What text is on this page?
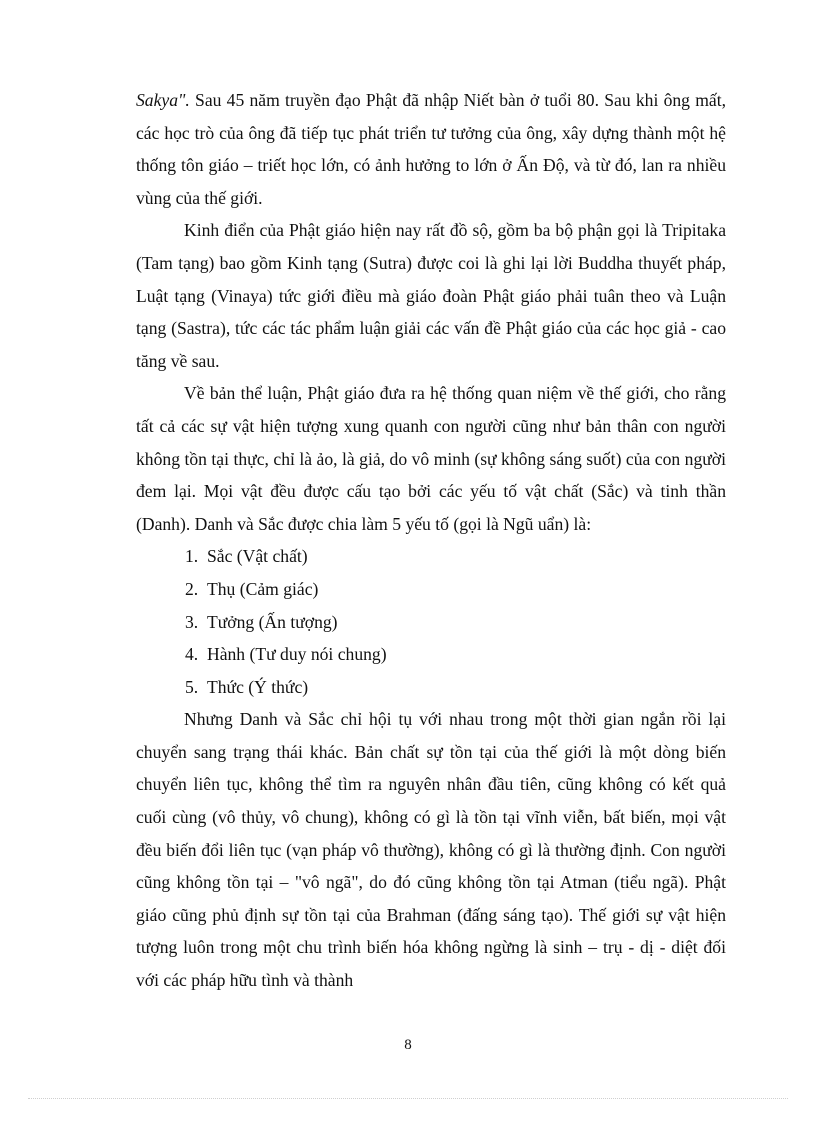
Sakya". Sau 45 năm truyền đạo Phật đã nhập Niết bàn ở tuổi 80. Sau khi ông mất, các học trò của ông đã tiếp tục phát triển tư tưởng của ông, xây dựng thành một hệ thống tôn giáo – triết học lớn, có ảnh hưởng to lớn ở Ấn Độ, và từ đó, lan ra nhiều vùng của thế giới.

Kinh điển của Phật giáo hiện nay rất đồ sộ, gồm ba bộ phận gọi là Tripitaka (Tam tạng) bao gồm Kinh tạng (Sutra) được coi là ghi lại lời Buddha thuyết pháp, Luật tạng (Vinaya) tức giới điều mà giáo đoàn Phật giáo phải tuân theo và Luận tạng (Sastra), tức các tác phẩm luận giải các vấn đề Phật giáo của các học giả - cao tăng về sau.

Về bản thể luận, Phật giáo đưa ra hệ thống quan niệm về thế giới, cho rằng tất cả các sự vật hiện tượng xung quanh con người cũng như bản thân con người không tồn tại thực, chỉ là ảo, là giả, do vô minh (sự không sáng suốt) của con người đem lại. Mọi vật đều được cấu tạo bởi các yếu tố vật chất (Sắc) và tinh thần (Danh). Danh và Sắc được chia làm 5 yếu tố (gọi là Ngũ uẩn) là:

1. Sắc (Vật chất)
2. Thụ (Cảm giác)
3. Tưởng (Ấn tượng)
4. Hành (Tư duy nói chung)
5. Thức (Ý thức)

Nhưng Danh và Sắc chỉ hội tụ với nhau trong một thời gian ngắn rồi lại chuyển sang trạng thái khác. Bản chất sự tồn tại của thế giới là một dòng biến chuyển liên tục, không thể tìm ra nguyên nhân đầu tiên, cũng không có kết quả cuối cùng (vô thủy, vô chung), không có gì là tồn tại vĩnh viễn, bất biến, mọi vật đều biến đổi liên tục (vạn pháp vô thường), không có gì là thường định. Con người cũng không tồn tại – "vô ngã", do đó cũng không tồn tại Atman (tiểu ngã). Phật giáo cũng phủ định sự tồn tại của Brahman (đấng sáng tạo). Thế giới sự vật hiện tượng luôn trong một chu trình biến hóa không ngừng là sinh – trụ - dị - diệt đối với các pháp hữu tình và thành

8
